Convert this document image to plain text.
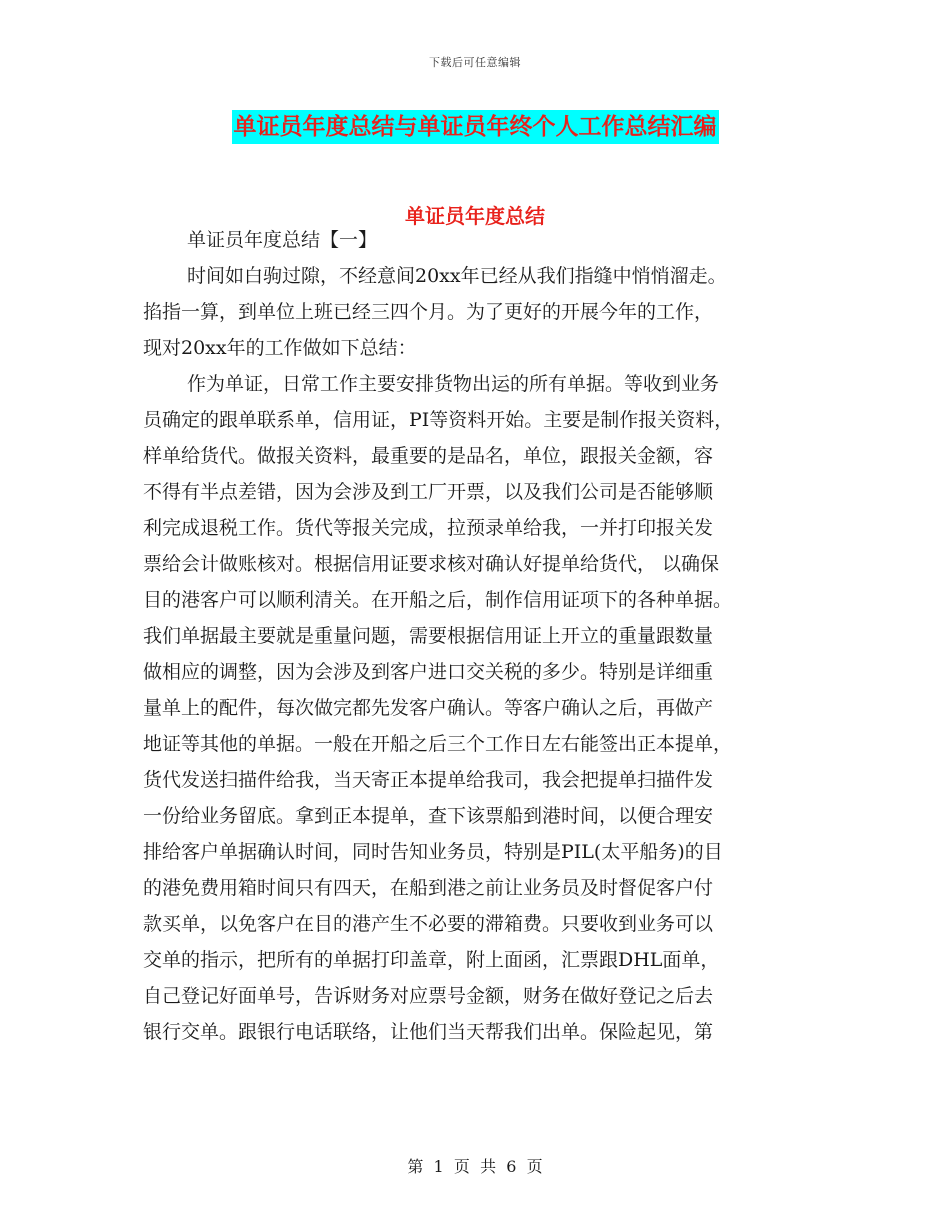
下载后可任意编辑
单证员年度总结与单证员年终个人工作总结汇编
单证员年度总结
单证员年度总结【一】
时间如白驹过隙，不经意间20xx年已经从我们指缝中悄悄溜走。
掐指一算，到单位上班已经三四个月。为了更好的开展今年的工作，
现对20xx年的工作做如下总结：
作为单证，日常工作主要安排货物出运的所有单据。等收到业务
员确定的跟单联系单，信用证，PI等资料开始。主要是制作报关资料，
样单给货代。做报关资料，最重要的是品名，单位，跟报关金额，容
不得有半点差错，因为会涉及到工厂开票，以及我们公司是否能够顺
利完成退税工作。货代等报关完成，拉预录单给我，一并打印报关发
票给会计做账核对。根据信用证要求核对确认好提单给货代， 以确保
目的港客户可以顺利清关。在开船之后，制作信用证项下的各种单据。
我们单据最主要就是重量问题，需要根据信用证上开立的重量跟数量
做相应的调整，因为会涉及到客户进口交关税的多少。特别是详细重
量单上的配件，每次做完都先发客户确认。等客户确认之后，再做产
地证等其他的单据。一般在开船之后三个工作日左右能签出正本提单，
货代发送扫描件给我，当天寄正本提单给我司，我会把提单扫描件发
一份给业务留底。拿到正本提单，查下该票船到港时间，以便合理安
排给客户单据确认时间，同时告知业务员，特别是PIL(太平船务)的目
的港免费用箱时间只有四天，在船到港之前让业务员及时督促客户付
款买单，以免客户在目的港产生不必要的滞箱费。只要收到业务可以
交单的指示，把所有的单据打印盖章，附上面函，汇票跟DHL面单，
自己登记好面单号，告诉财务对应票号金额，财务在做好登记之后去
银行交单。跟银行电话联络，让他们当天帮我们出单。保险起见，第
第  1  页  共  6  页
